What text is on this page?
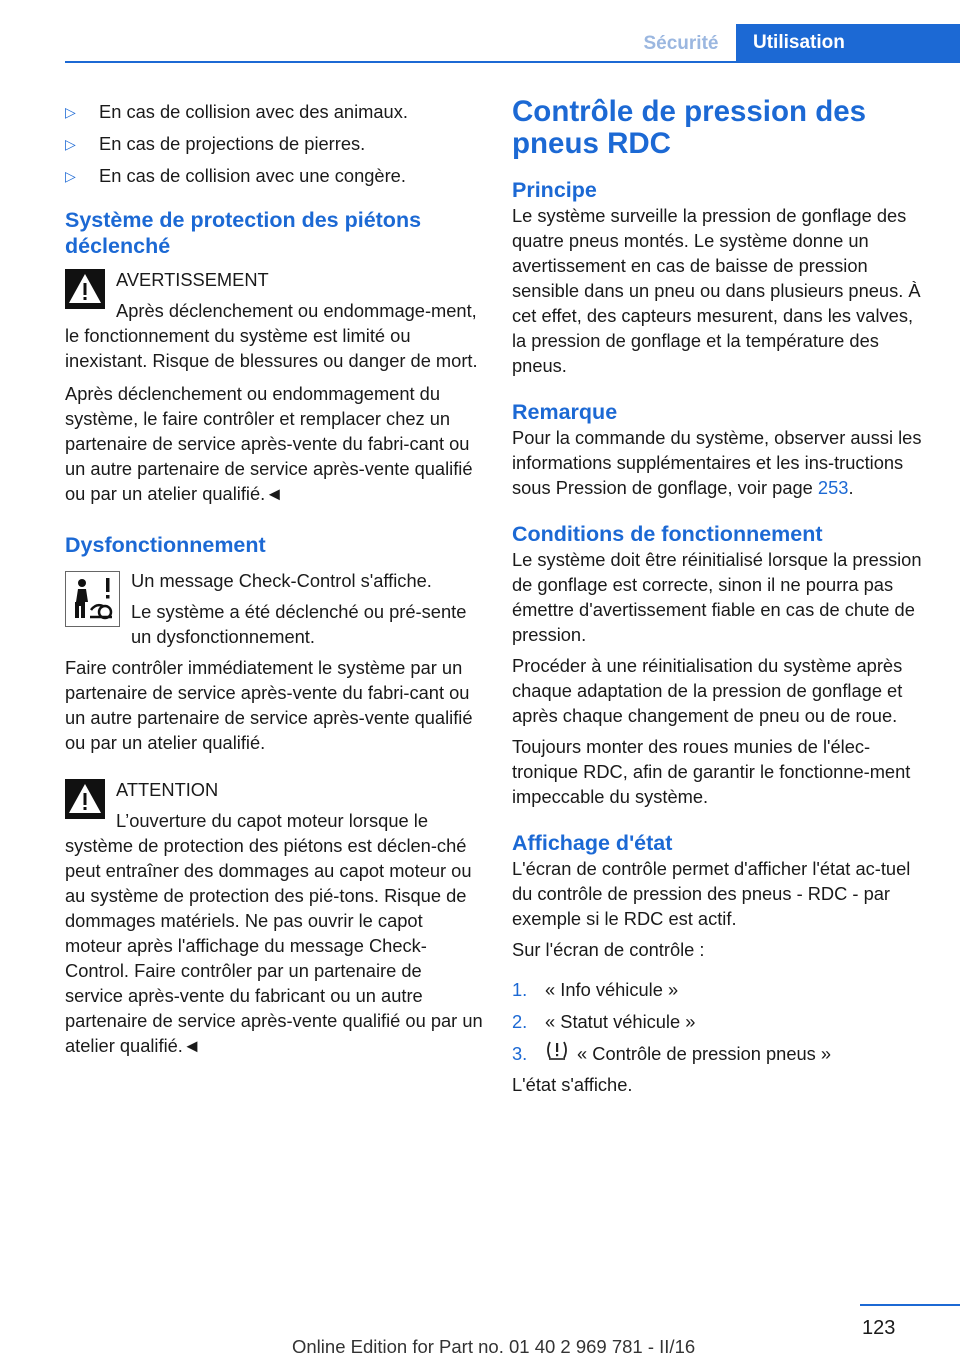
Sécurité	Utilisation
▷ En cas de collision avec des animaux.
▷ En cas de projections de pierres.
▷ En cas de collision avec une congère.
Système de protection des piétons déclenché
AVERTISSEMENT

Après déclenchement ou endommage-ment, le fonctionnement du système est limité ou inexistant. Risque de blessures ou danger de mort.

Après déclenchement ou endommagement du système, le faire contrôler et remplacer chez un partenaire de service après-vente du fabri-cant ou un autre partenaire de service après-vente qualifié ou par un atelier qualifié.◄

Dysfonctionnement

Un message Check-Control s'affiche.

Le système a été déclenché ou pré-sente un dysfonctionnement.

Faire contrôler immédiatement le système par un partenaire de service après-vente du fabri-cant ou un autre partenaire de service après-vente qualifié ou par un atelier qualifié.

ATTENTION

L’ouverture du capot moteur lorsque le système de protection des piétons est déclen-ché peut entraîner des dommages au capot moteur ou au système de protection des pié-tons. Risque de dommages matériels. Ne pas ouvrir le capot moteur après l'affichage du message Check-Control. Faire contrôler par un partenaire de service après-vente du fabricant ou un autre partenaire de service après-vente qualifié ou par un atelier qualifié.◄

Contrôle de pression des pneus RDC
Principe

Le système surveille la pression de gonflage des quatre pneus montés. Le système donne un avertissement en cas de baisse de pression sensible dans un pneu ou dans plusieurs pneus. À cet effet, des capteurs mesurent, dans les valves, la pression de gonflage et la température des pneus.

Remarque

Pour la commande du système, observer aussi les informations supplémentaires et les ins-tructions sous Pression de gonflage, voir page 253.

Conditions de fonctionnement

Le système doit être réinitialisé lorsque la pression de gonflage est correcte, sinon il ne pourra pas émettre d'avertissement fiable en cas de chute de pression.

Procéder à une réinitialisation du système après chaque adaptation de la pression de gonflage et après chaque changement de pneu ou de roue.

Toujours monter des roues munies de l'élec-tronique RDC, afin de garantir le fonctionne-ment impeccable du système.

Affichage d'état

L'écran de contrôle permet d'afficher l'état ac-tuel du contrôle de pression des pneus - RDC - par exemple si le RDC est actif.

Sur l'écran de contrôle :

1. « Info véhicule »
2. « Statut véhicule »
3.	« Contrôle de pression pneus »

L'état s'affiche.

123
Online Edition for Part no. 01 40 2 969 781 - II/16
